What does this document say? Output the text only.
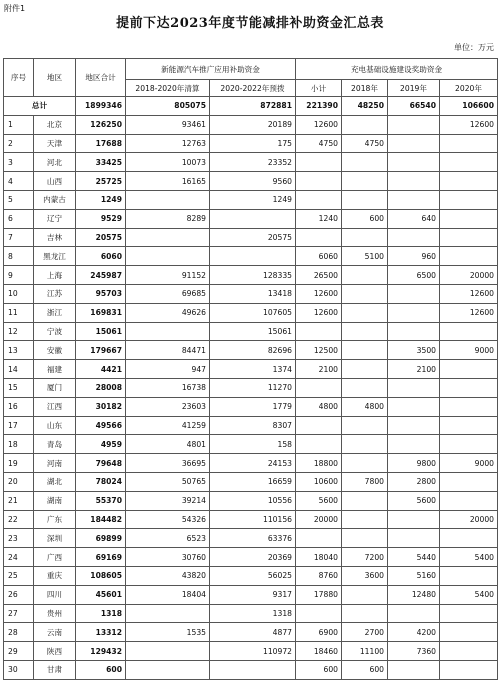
附件1
提前下达2023年度节能减排补助资金汇总表
单位：万元
序号	地区	地区合计	新能源汽车推广应用补助资金		充电基础设施建设奖助资金			
			2018-2020年清算	2020-2022年预拨	小计	2018年	2019年	2020年
总计		1899346	805075	872881	221390	48250	66540	106600
1	北京	126250	93461	20189	12600			12600
2	天津	17688	12763	175	4750	4750		
3	河北	33425	10073	23352				
4	山西	25725	16165	9560				
5	内蒙古	1249		1249				
6	辽宁	9529	8289		1240	600	640	
7	吉林	20575		20575				
8	黑龙江	6060			6060	5100	960	
9	上海	245987	91152	128335	26500		6500	20000
10	江苏	95703	69685	13418	12600			12600
11	浙江	169831	49626	107605	12600			12600
12	宁波	15061		15061				
13	安徽	179667	84471	82696	12500		3500	9000
14	福建	4421	947	1374	2100		2100	
15	厦门	28008	16738	11270				
16	江西	30182	23603	1779	4800	4800		
17	山东	49566	41259	8307				
18	青岛	4959	4801	158				
19	河南	79648	36695	24153	18800		9800	9000
20	湖北	78024	50765	16659	10600	7800	2800	
21	湖南	55370	39214	10556	5600		5600	
22	广东	184482	54326	110156	20000			20000
23	深圳	69899	6523	63376				
24	广西	69169	30760	20369	18040	7200	5440	5400
25	重庆	108605	43820	56025	8760	3600	5160	
26	四川	45601	18404	9317	17880		12480	5400
27	贵州	1318		1318				
28	云南	13312	1535	4877	6900	2700	4200	
29	陕西	129432		110972	18460	11100	7360	
30	甘肃	600			600	600		
